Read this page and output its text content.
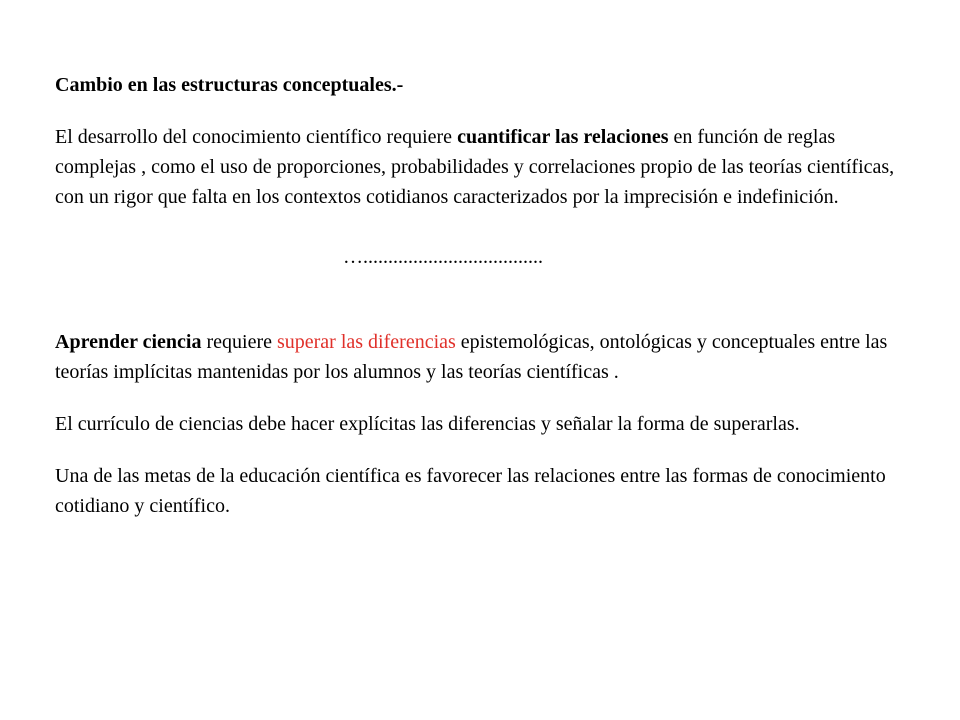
Cambio en las estructuras conceptuales.-

El desarrollo del conocimiento científico requiere cuantificar las relaciones en función de reglas complejas , como el uso de proporciones, probabilidades y correlaciones propio de las teorías científicas, con un rigor que falta en los contextos cotidianos caracterizados por la imprecisión e indefinición.

…....................................

Aprender ciencia requiere superar las diferencias epistemológicas, ontológicas y conceptuales entre las teorías implícitas mantenidas por los alumnos y las teorías científicas .

El currículo de ciencias debe hacer explícitas las diferencias y señalar la forma de superarlas.

Una de las metas de la educación científica es favorecer las relaciones entre las formas de conocimiento cotidiano y científico.
